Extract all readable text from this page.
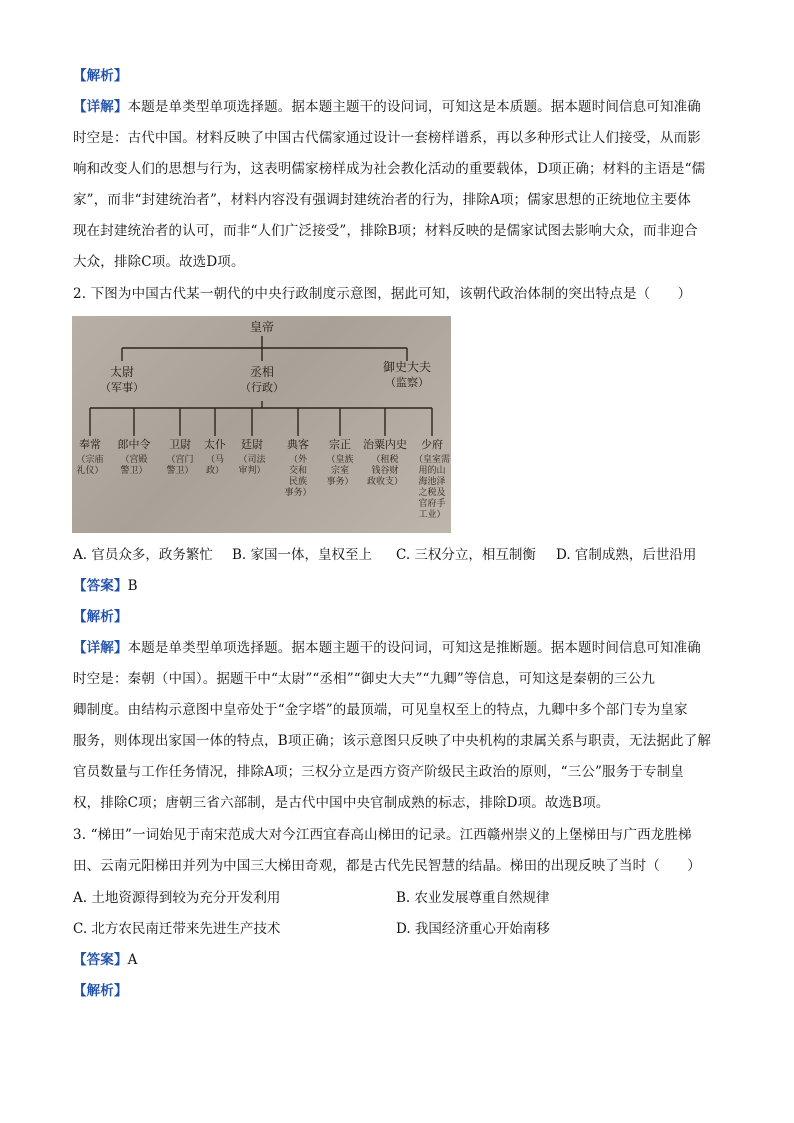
【解析】
【详解】本题是单类型单项选择题。据本题主题干的设问词，可知这是本质题。据本题时间信息可知准确
时空是：古代中国。材料反映了中国古代儒家通过设计一套榜样谱系，再以多种形式让人们接受，从而影
响和改变人们的思想与行为，这表明儒家榜样成为社会教化活动的重要载体，D项正确；材料的主语是“儒
家”，而非“封建统治者”，材料内容没有强调封建统治者的行为，排除A项；儒家思想的正统地位主要体
现在封建统治者的认可，而非“人们广泛接受”，排除B项；材料反映的是儒家试图去影响大众，而非迎合
大众，排除C项。故选D项。
2. 下图为中国古代某一朝代的中央行政制度示意图，据此可知，该朝代政治体制的突出特点是（　　）
皇帝
太尉
（军事）
丞相
（行政）
御史大夫
（监察）
奉常
（宗庙
礼仪）
郎中令
（宫殿
警卫）
卫尉
（宫门
警卫）
太仆
（马
政）
廷尉
（司法
审判）
典客
（外
交和
民族
事务）
宗正
（皇族
宗室
事务）
治粟内史
（租税
钱谷财
政收支）
少府
（皇室需
用的山
海池泽
之税及
官府手
工业）
A. 官员众多，政务繁忙 B. 家国一体，皇权至上 C. 三权分立，相互制衡 D. 官制成熟，后世沿用
【答案】B
【解析】
【详解】本题是单类型单项选择题。据本题主题干的设问词，可知这是推断题。据本题时间信息可知准确
时空是：秦朝（中国）。据题干中“太尉”“丞相”“御史大夫”“九卿”等信息，可知这是秦朝的三公九
卿制度。由结构示意图中皇帝处于“金字塔”的最顶端，可见皇权至上的特点，九卿中多个部门专为皇家
服务，则体现出家国一体的特点，B项正确；该示意图只反映了中央机构的隶属关系与职责，无法据此了解
官员数量与工作任务情况，排除A项；三权分立是西方资产阶级民主政治的原则，“三公”服务于专制皇
权，排除C项；唐朝三省六部制，是古代中国中央官制成熟的标志，排除D项。故选B项。
3. “梯田”一词始见于南宋范成大对今江西宜春高山梯田的记录。江西赣州崇义的上堡梯田与广西龙胜梯
田、云南元阳梯田并列为中国三大梯田奇观，都是古代先民智慧的结晶。梯田的出现反映了当时（　　）
A. 土地资源得到较为充分开发利用	B. 农业发展尊重自然规律
C. 北方农民南迁带来先进生产技术	D. 我国经济重心开始南移
【答案】A
【解析】
